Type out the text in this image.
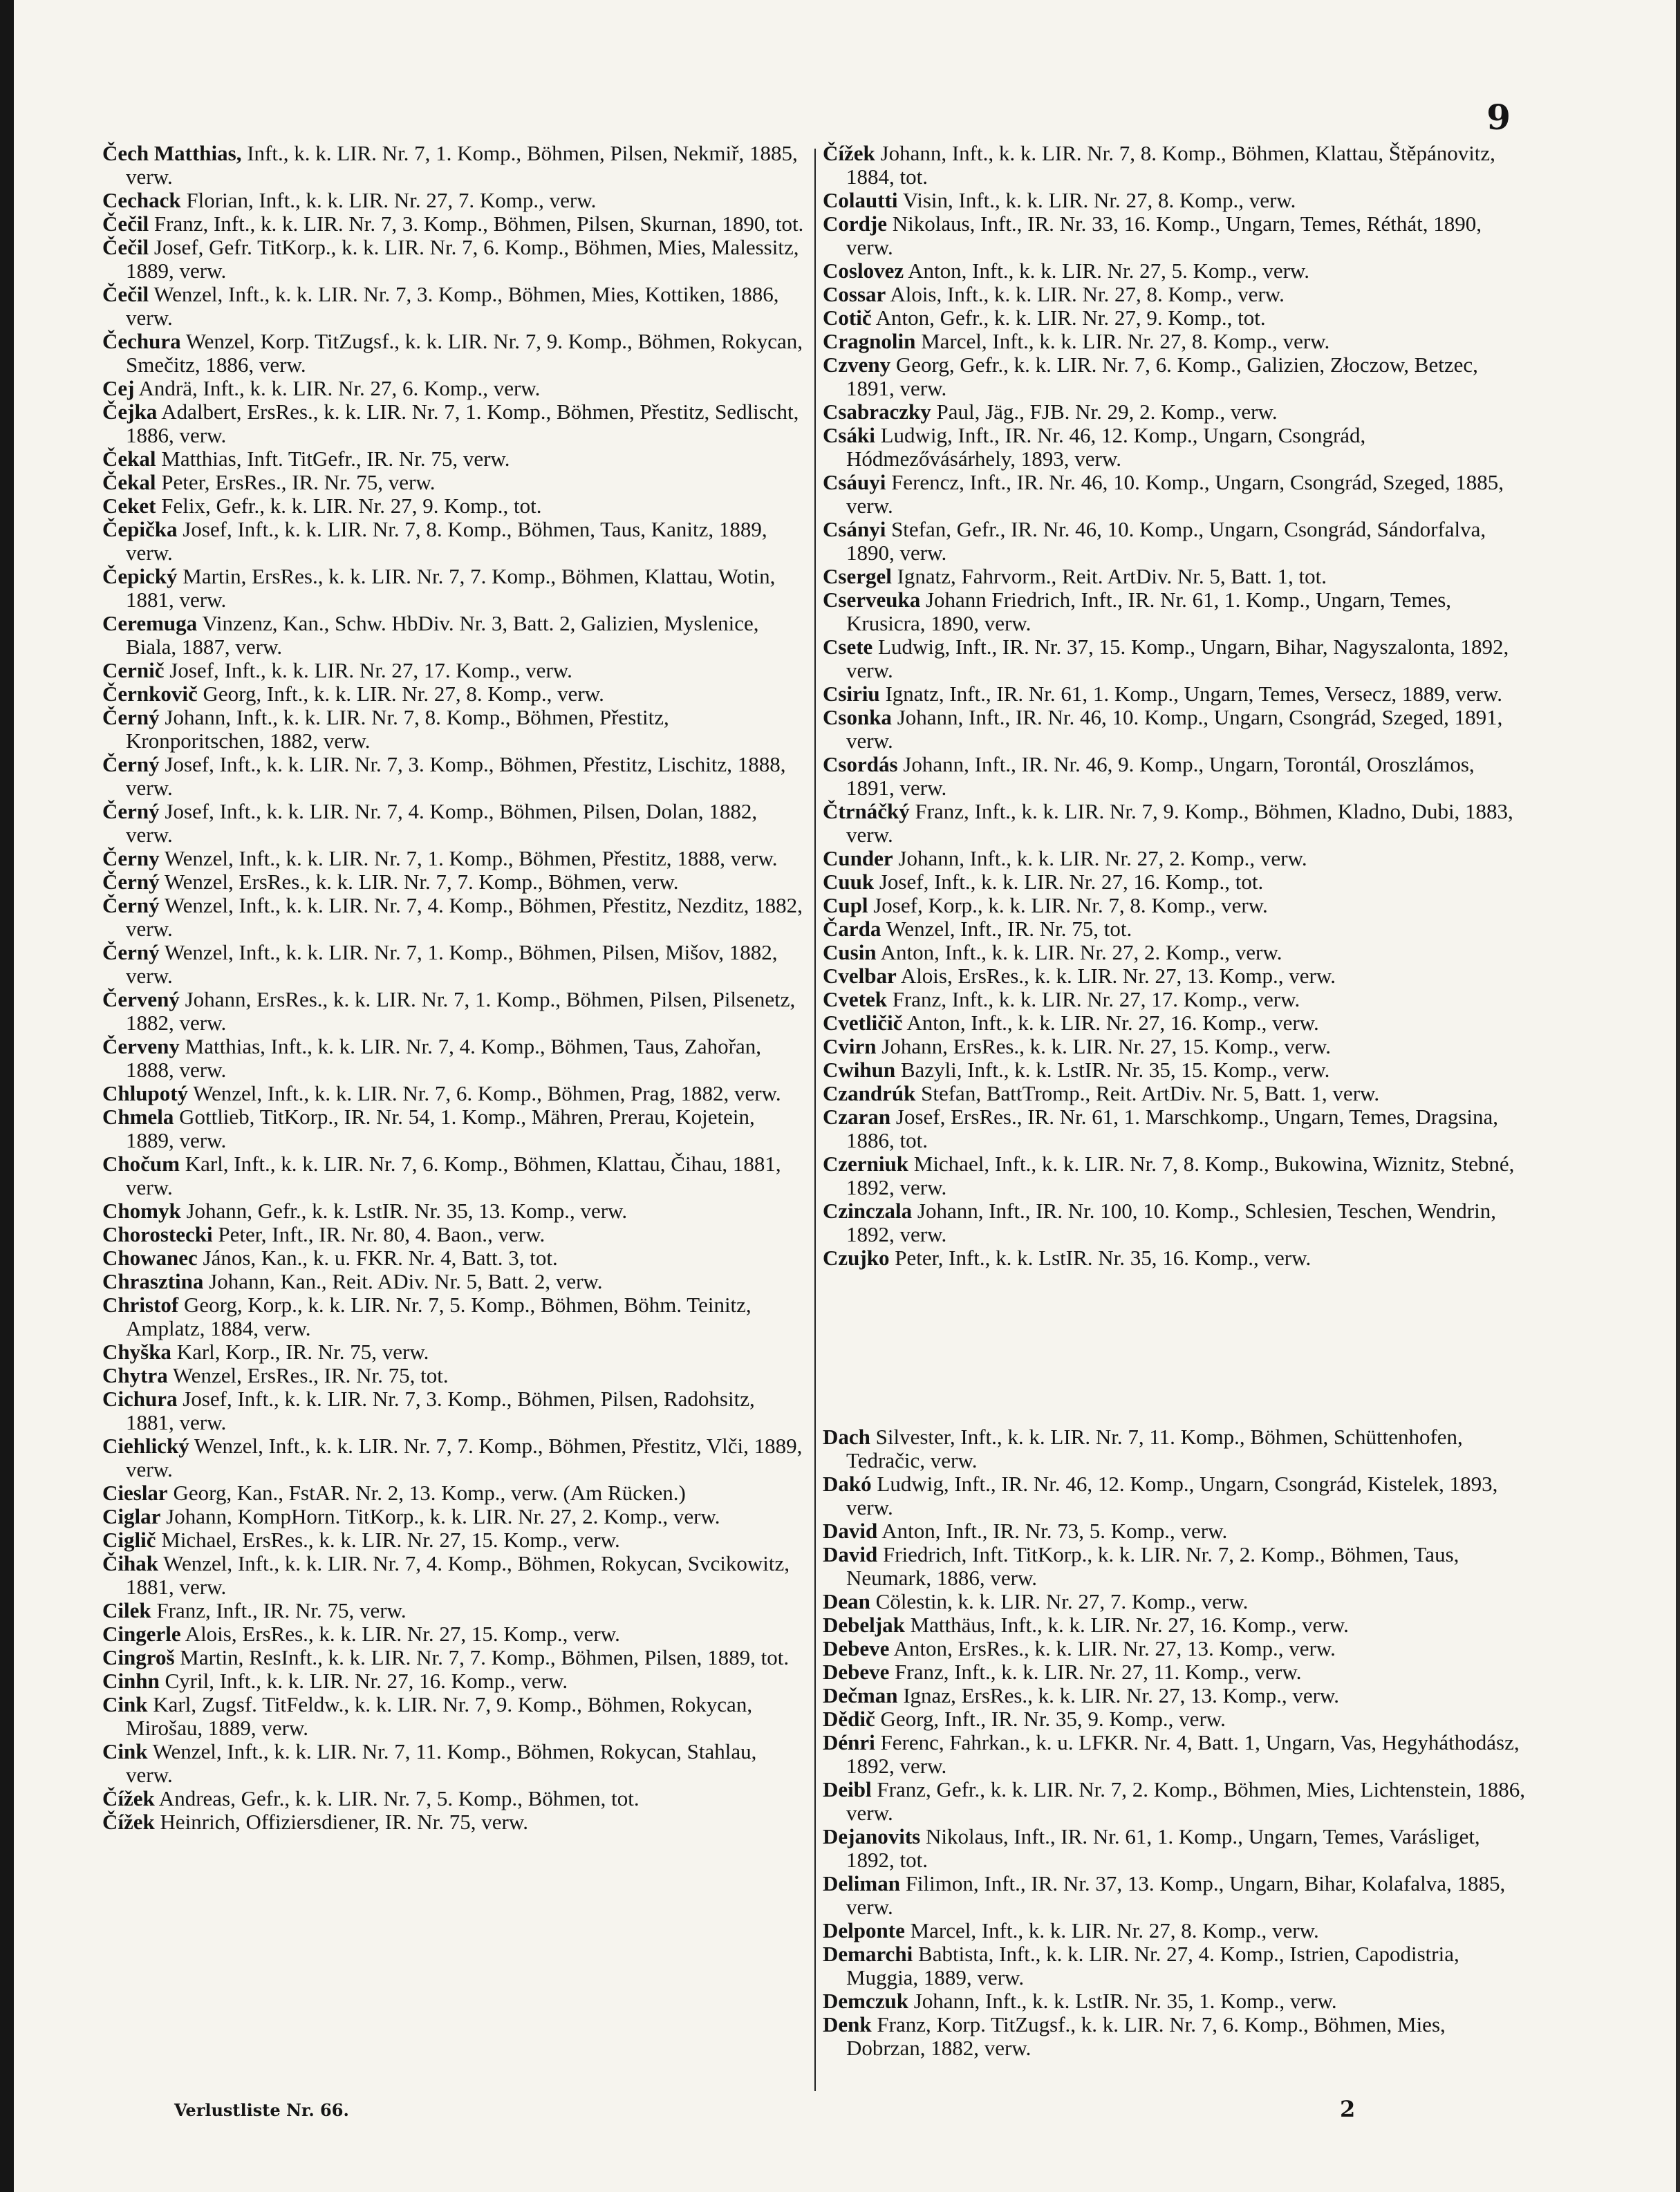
9

Čech Matthias, Inft., k. k. LIR. Nr. 7, 1. Komp., Böhmen, Pilsen, Nekmiř, 1885, verw.

Cechack Florian, Inft., k. k. LIR. Nr. 27, 7. Komp., verw.

Čečil Franz, Inft., k. k. LIR. Nr. 7, 3. Komp., Böhmen, Pilsen, Skurnan, 1890, tot.

Čečil Josef, Gefr. TitKorp., k. k. LIR. Nr. 7, 6. Komp., Böhmen, Mies, Malessitz, 1889, verw.

Čečil Wenzel, Inft., k. k. LIR. Nr. 7, 3. Komp., Böhmen, Mies, Kottiken, 1886, verw.

Čechura Wenzel, Korp. TitZugsf., k. k. LIR. Nr. 7, 9. Komp., Böhmen, Rokycan, Smečitz, 1886, verw.

Cej Andrä, Inft., k. k. LIR. Nr. 27, 6. Komp., verw.

Čejka Adalbert, ErsRes., k. k. LIR. Nr. 7, 1. Komp., Böhmen, Přestitz, Sedlischt, 1886, verw.

Čekal Matthias, Inft. TitGefr., IR. Nr. 75, verw.

Čekal Peter, ErsRes., IR. Nr. 75, verw.

Ceket Felix, Gefr., k. k. LIR. Nr. 27, 9. Komp., tot.

Čepička Josef, Inft., k. k. LIR. Nr. 7, 8. Komp., Böhmen, Taus, Kanitz, 1889, verw.

Čepický Martin, ErsRes., k. k. LIR. Nr. 7, 7. Komp., Böhmen, Klattau, Wotin, 1881, verw.

Ceremuga Vinzenz, Kan., Schw. HbDiv. Nr. 3, Batt. 2, Galizien, Myslenice, Biala, 1887, verw.

Cernič Josef, Inft., k. k. LIR. Nr. 27, 17. Komp., verw.

Černkovič Georg, Inft., k. k. LIR. Nr. 27, 8. Komp., verw.

Černý Johann, Inft., k. k. LIR. Nr. 7, 8. Komp., Böhmen, Přestitz, Kronporitschen, 1882, verw.

Černý Josef, Inft., k. k. LIR. Nr. 7, 3. Komp., Böhmen, Přestitz, Lischitz, 1888, verw.

Černý Josef, Inft., k. k. LIR. Nr. 7, 4. Komp., Böhmen, Pilsen, Dolan, 1882, verw.

Černy Wenzel, Inft., k. k. LIR. Nr. 7, 1. Komp., Böhmen, Přestitz, 1888, verw.

Černý Wenzel, ErsRes., k. k. LIR. Nr. 7, 7. Komp., Böhmen, verw.

Černý Wenzel, Inft., k. k. LIR. Nr. 7, 4. Komp., Böhmen, Přestitz, Nezditz, 1882, verw.

Černý Wenzel, Inft., k. k. LIR. Nr. 7, 1. Komp., Böhmen, Pilsen, Mišov, 1882, verw.

Červený Johann, ErsRes., k. k. LIR. Nr. 7, 1. Komp., Böhmen, Pilsen, Pilsenetz, 1882, verw.

Červeny Matthias, Inft., k. k. LIR. Nr. 7, 4. Komp., Böhmen, Taus, Zahořan, 1888, verw.

Chlupotý Wenzel, Inft., k. k. LIR. Nr. 7, 6. Komp., Böhmen, Prag, 1882, verw.

Chmela Gottlieb, TitKorp., IR. Nr. 54, 1. Komp., Mähren, Prerau, Kojetein, 1889, verw.

Chočum Karl, Inft., k. k. LIR. Nr. 7, 6. Komp., Böhmen, Klattau, Čihau, 1881, verw.

Chomyk Johann, Gefr., k. k. LstIR. Nr. 35, 13. Komp., verw.

Chorostecki Peter, Inft., IR. Nr. 80, 4. Baon., verw.

Chowanec János, Kan., k. u. FKR. Nr. 4, Batt. 3, tot.

Chrasztina Johann, Kan., Reit. ADiv. Nr. 5, Batt. 2, verw.

Christof Georg, Korp., k. k. LIR. Nr. 7, 5. Komp., Böhmen, Böhm. Teinitz, Amplatz, 1884, verw.

Chyška Karl, Korp., IR. Nr. 75, verw.

Chytra Wenzel, ErsRes., IR. Nr. 75, tot.

Cichura Josef, Inft., k. k. LIR. Nr. 7, 3. Komp., Böhmen, Pilsen, Radohsitz, 1881, verw.

Ciehlický Wenzel, Inft., k. k. LIR. Nr. 7, 7. Komp., Böhmen, Přestitz, Vlči, 1889, verw.

Cieslar Georg, Kan., FstAR. Nr. 2, 13. Komp., verw. (Am Rücken.)

Ciglar Johann, KompHorn. TitKorp., k. k. LIR. Nr. 27, 2. Komp., verw.

Ciglič Michael, ErsRes., k. k. LIR. Nr. 27, 15. Komp., verw.

Čihak Wenzel, Inft., k. k. LIR. Nr. 7, 4. Komp., Böhmen, Rokycan, Svcikowitz, 1881, verw.

Cilek Franz, Inft., IR. Nr. 75, verw.

Cingerle Alois, ErsRes., k. k. LIR. Nr. 27, 15. Komp., verw.

Cingroš Martin, ResInft., k. k. LIR. Nr. 7, 7. Komp., Böhmen, Pilsen, 1889, tot.

Cinhn Cyril, Inft., k. k. LIR. Nr. 27, 16. Komp., verw.

Cink Karl, Zugsf. TitFeldw., k. k. LIR. Nr. 7, 9. Komp., Böhmen, Rokycan, Mirošau, 1889, verw.

Cink Wenzel, Inft., k. k. LIR. Nr. 7, 11. Komp., Böhmen, Rokycan, Stahlau, verw.

Čížek Andreas, Gefr., k. k. LIR. Nr. 7, 5. Komp., Böhmen, tot.

Čížek Heinrich, Offiziersdiener, IR. Nr. 75, verw.

Čížek Johann, Inft., k. k. LIR. Nr. 7, 8. Komp., Böhmen, Klattau, Štěpánovitz, 1884, tot.

Colautti Visin, Inft., k. k. LIR. Nr. 27, 8. Komp., verw.

Cordje Nikolaus, Inft., IR. Nr. 33, 16. Komp., Ungarn, Temes, Réthát, 1890, verw.

Coslovez Anton, Inft., k. k. LIR. Nr. 27, 5. Komp., verw.

Cossar Alois, Inft., k. k. LIR. Nr. 27, 8. Komp., verw.

Cotič Anton, Gefr., k. k. LIR. Nr. 27, 9. Komp., tot.

Cragnolin Marcel, Inft., k. k. LIR. Nr. 27, 8. Komp., verw.

Czveny Georg, Gefr., k. k. LIR. Nr. 7, 6. Komp., Galizien, Złoczow, Betzec, 1891, verw.

Csabraczky Paul, Jäg., FJB. Nr. 29, 2. Komp., verw.

Csáki Ludwig, Inft., IR. Nr. 46, 12. Komp., Ungarn, Csongrád, Hódmezővásárhely, 1893, verw.

Csáuyi Ferencz, Inft., IR. Nr. 46, 10. Komp., Ungarn, Csongrád, Szeged, 1885, verw.

Csányi Stefan, Gefr., IR. Nr. 46, 10. Komp., Ungarn, Csongrád, Sándorfalva, 1890, verw.

Csergel Ignatz, Fahrvorm., Reit. ArtDiv. Nr. 5, Batt. 1, tot.

Cserveuka Johann Friedrich, Inft., IR. Nr. 61, 1. Komp., Ungarn, Temes, Krusicra, 1890, verw.

Csete Ludwig, Inft., IR. Nr. 37, 15. Komp., Ungarn, Bihar, Nagyszalonta, 1892, verw.

Csiriu Ignatz, Inft., IR. Nr. 61, 1. Komp., Ungarn, Temes, Versecz, 1889, verw.

Csonka Johann, Inft., IR. Nr. 46, 10. Komp., Ungarn, Csongrád, Szeged, 1891, verw.

Csordás Johann, Inft., IR. Nr. 46, 9. Komp., Ungarn, Torontál, Oroszlámos, 1891, verw.

Čtrnáčký Franz, Inft., k. k. LIR. Nr. 7, 9. Komp., Böhmen, Kladno, Dubi, 1883, verw.

Cunder Johann, Inft., k. k. LIR. Nr. 27, 2. Komp., verw.

Cuuk Josef, Inft., k. k. LIR. Nr. 27, 16. Komp., tot.

Cupl Josef, Korp., k. k. LIR. Nr. 7, 8. Komp., verw.

Čarda Wenzel, Inft., IR. Nr. 75, tot.

Cusin Anton, Inft., k. k. LIR. Nr. 27, 2. Komp., verw.

Cvelbar Alois, ErsRes., k. k. LIR. Nr. 27, 13. Komp., verw.

Cvetek Franz, Inft., k. k. LIR. Nr. 27, 17. Komp., verw.

Cvetličič Anton, Inft., k. k. LIR. Nr. 27, 16. Komp., verw.

Cvirn Johann, ErsRes., k. k. LIR. Nr. 27, 15. Komp., verw.

Cwihun Bazyli, Inft., k. k. LstIR. Nr. 35, 15. Komp., verw.

Czandrúk Stefan, BattTromp., Reit. ArtDiv. Nr. 5, Batt. 1, verw.

Czaran Josef, ErsRes., IR. Nr. 61, 1. Marschkomp., Ungarn, Temes, Dragsina, 1886, tot.

Czerniuk Michael, Inft., k. k. LIR. Nr. 7, 8. Komp., Bukowina, Wiznitz, Stebné, 1892, verw.

Czinczala Johann, Inft., IR. Nr. 100, 10. Komp., Schlesien, Teschen, Wendrin, 1892, verw.

Czujko Peter, Inft., k. k. LstIR. Nr. 35, 16. Komp., verw.

Dach Silvester, Inft., k. k. LIR. Nr. 7, 11. Komp., Böhmen, Schüttenhofen, Tedračic, verw.

Dakó Ludwig, Inft., IR. Nr. 46, 12. Komp., Ungarn, Csongrád, Kistelek, 1893, verw.

David Anton, Inft., IR. Nr. 73, 5. Komp., verw.

David Friedrich, Inft. TitKorp., k. k. LIR. Nr. 7, 2. Komp., Böhmen, Taus, Neumark, 1886, verw.

Dean Cölestin, k. k. LIR. Nr. 27, 7. Komp., verw.

Debeljak Matthäus, Inft., k. k. LIR. Nr. 27, 16. Komp., verw.

Debeve Anton, ErsRes., k. k. LIR. Nr. 27, 13. Komp., verw.

Debeve Franz, Inft., k. k. LIR. Nr. 27, 11. Komp., verw.

Dečman Ignaz, ErsRes., k. k. LIR. Nr. 27, 13. Komp., verw.

Dědič Georg, Inft., IR. Nr. 35, 9. Komp., verw.

Dénri Ferenc, Fahrkan., k. u. LFKR. Nr. 4, Batt. 1, Ungarn, Vas, Hegyháthodász, 1892, verw.

Deibl Franz, Gefr., k. k. LIR. Nr. 7, 2. Komp., Böhmen, Mies, Lichtenstein, 1886, verw.

Dejanovits Nikolaus, Inft., IR. Nr. 61, 1. Komp., Ungarn, Temes, Varásliget, 1892, tot.

Deliman Filimon, Inft., IR. Nr. 37, 13. Komp., Ungarn, Bihar, Kolafalva, 1885, verw.

Delponte Marcel, Inft., k. k. LIR. Nr. 27, 8. Komp., verw.

Demarchi Babtista, Inft., k. k. LIR. Nr. 27, 4. Komp., Istrien, Capodistria, Muggia, 1889, verw.

Demczuk Johann, Inft., k. k. LstIR. Nr. 35, 1. Komp., verw.

Denk Franz, Korp. TitZugsf., k. k. LIR. Nr. 7, 6. Komp., Böhmen, Mies, Dobrzan, 1882, verw.

Verlustliste Nr. 66.	2
